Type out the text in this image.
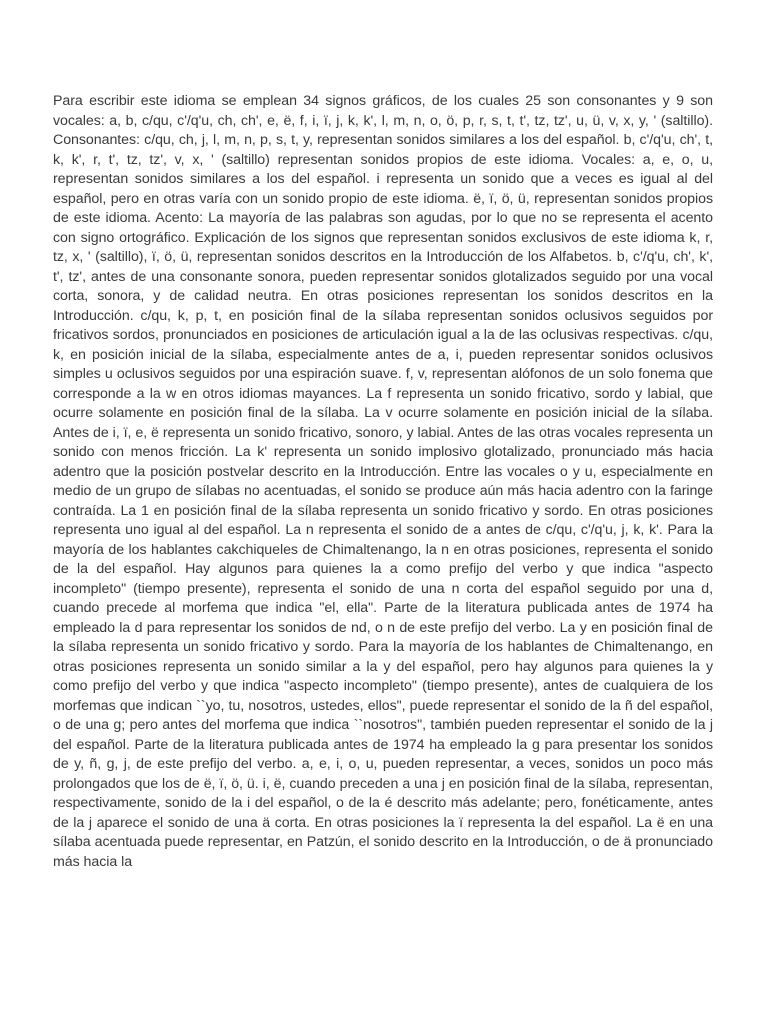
Para escribir este idioma se emplean 34 signos gráficos, de los cuales 25 son consonantes y 9 son vocales: a, b, c/qu, c'/q'u, ch, ch', e, ë, f, i, ï, j, k, k', l, m, n, o, ö, p, r, s, t, t', tz, tz', u, ü, v, x, y, ' (saltillo). Consonantes: c/qu, ch, j, l, m, n, p, s, t, y, representan sonidos similares a los del español. b, c'/q'u, ch', t, k, k', r, t', tz, tz', v, x, ' (saltillo) representan sonidos propios de este idioma. Vocales: a, e, o, u, representan sonidos similares a los del español. i representa un sonido que a veces es igual al del español, pero en otras varía con un sonido propio de este idioma. ë, ï, ö, ü, representan sonidos propios de este idioma. Acento: La mayoría de las palabras son agudas, por lo que no se representa el acento con signo ortográfico. Explicación de los signos que representan sonidos exclusivos de este idioma k, r, tz, x, ' (saltillo), ï, ö, ü, representan sonidos descritos en la Introducción de los Alfabetos. b, c'/q'u, ch', k', t', tz', antes de una consonante sonora, pueden representar sonidos glotalizados seguido por una vocal corta, sonora, y de calidad neutra. En otras posiciones representan los sonidos descritos en la Introducción. c/qu, k, p, t, en posición final de la sílaba representan sonidos oclusivos seguidos por fricativos sordos, pronunciados en posiciones de articulación igual a la de las oclusivas respectivas. c/qu, k, en posición inicial de la sílaba, especialmente antes de a, i, pueden representar sonidos oclusivos simples u oclusivos seguidos por una espiración suave. f, v, representan alófonos de un solo fonema que corresponde a la w en otros idiomas mayances. La f representa un sonido fricativo, sordo y labial, que ocurre solamente en posición final de la sílaba. La v ocurre solamente en posición inicial de la sílaba. Antes de i, ï, e, ë representa un sonido fricativo, sonoro, y labial. Antes de las otras vocales representa un sonido con menos fricción. La k' representa un sonido implosivo glotalizado, pronunciado más hacia adentro que la posición postvelar descrito en la Introducción. Entre las vocales o y u, especialmente en medio de un grupo de sílabas no acentuadas, el sonido se produce aún más hacia adentro con la faringe contraída. La 1 en posición final de la sílaba representa un sonido fricativo y sordo. En otras posiciones representa uno igual al del español. La n representa el sonido de a antes de c/qu, c'/q'u, j, k, k'. Para la mayoría de los hablantes cakchiqueles de Chimaltenango, la n en otras posiciones, representa el sonido de la del español. Hay algunos para quienes la a como prefijo del verbo y que indica "aspecto incompleto" (tiempo presente), representa el sonido de una n corta del español seguido por una d, cuando precede al morfema que indica "el, ella". Parte de la literatura publicada antes de 1974 ha empleado la d para representar los sonidos de nd, o n de este prefijo del verbo. La y en posición final de la sílaba representa un sonido fricativo y sordo. Para la mayoría de los hablantes de Chimaltenango, en otras posiciones representa un sonido similar a la y del español, pero hay algunos para quienes la y como prefijo del verbo y que indica "aspecto incompleto" (tiempo presente), antes de cualquiera de los morfemas que indican ``yo, tu, nosotros, ustedes, ellos", puede representar el sonido de la ñ del español, o de una g; pero antes del morfema que indica ``nosotros", también pueden representar el sonido de la j del español. Parte de la literatura publicada antes de 1974 ha empleado la g para presentar los sonidos de y, ñ, g, j, de este prefijo del verbo. a, e, i, o, u, pueden representar, a veces, sonidos un poco más prolongados que los de ë, ï, ö, ü. i, ë, cuando preceden a una j en posición final de la sílaba, representan, respectivamente, sonido de la i del español, o de la é descrito más adelante; pero, fonéticamente, antes de la j aparece el sonido de una ä corta. En otras posiciones la ï representa la del español. La ë en una sílaba acentuada puede representar, en Patzún, el sonido descrito en la Introducción, o de ä pronunciado más hacia la
